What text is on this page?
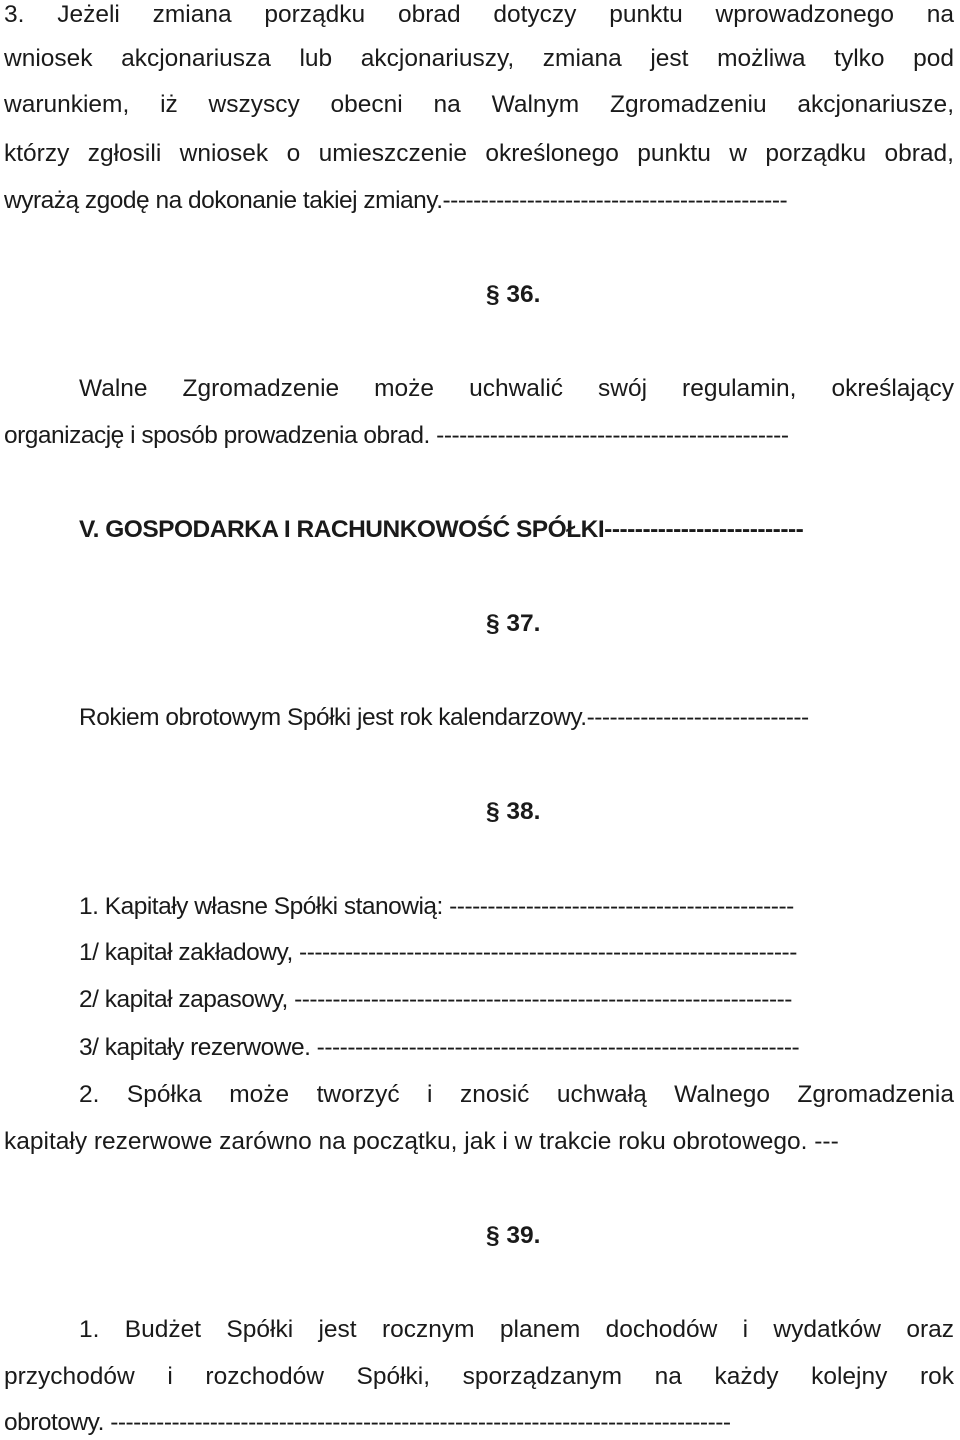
3. Jeżeli zmiana porządku obrad dotyczy punktu wprowadzonego na
wniosek akcjonariusza lub akcjonariuszy, zmiana jest możliwa tylko pod
warunkiem, iż wszyscy obecni na Walnym Zgromadzeniu akcjonariusze,
którzy zgłosili wniosek o umieszczenie określonego punktu w porządku obrad,
wyrażą zgodę na dokonanie takiej zmiany.---------------------------------------------
§ 36.
Walne Zgromadzenie może uchwalić swój regulamin, określający
organizację i sposób prowadzenia obrad. ----------------------------------------------
V. GOSPODARKA I RACHUNKOWOŚĆ SPÓŁKI--------------------------
§ 37.
Rokiem obrotowym Spółki jest rok kalendarzowy.-----------------------------
§ 38.
1. Kapitały własne Spółki stanowią: ---------------------------------------------
1/ kapitał zakładowy, -----------------------------------------------------------------
2/ kapitał zapasowy, -----------------------------------------------------------------
3/ kapitały rezerwowe. ---------------------------------------------------------------
2. Spółka może tworzyć i znosić uchwałą Walnego Zgromadzenia
kapitały rezerwowe zarówno na początku, jak i w trakcie roku obrotowego. ---
§ 39.
1. Budżet Spółki jest rocznym planem dochodów i wydatków oraz
przychodów i rozchodów Spółki, sporządzanym na każdy kolejny rok
obrotowy. ---------------------------------------------------------------------------------
